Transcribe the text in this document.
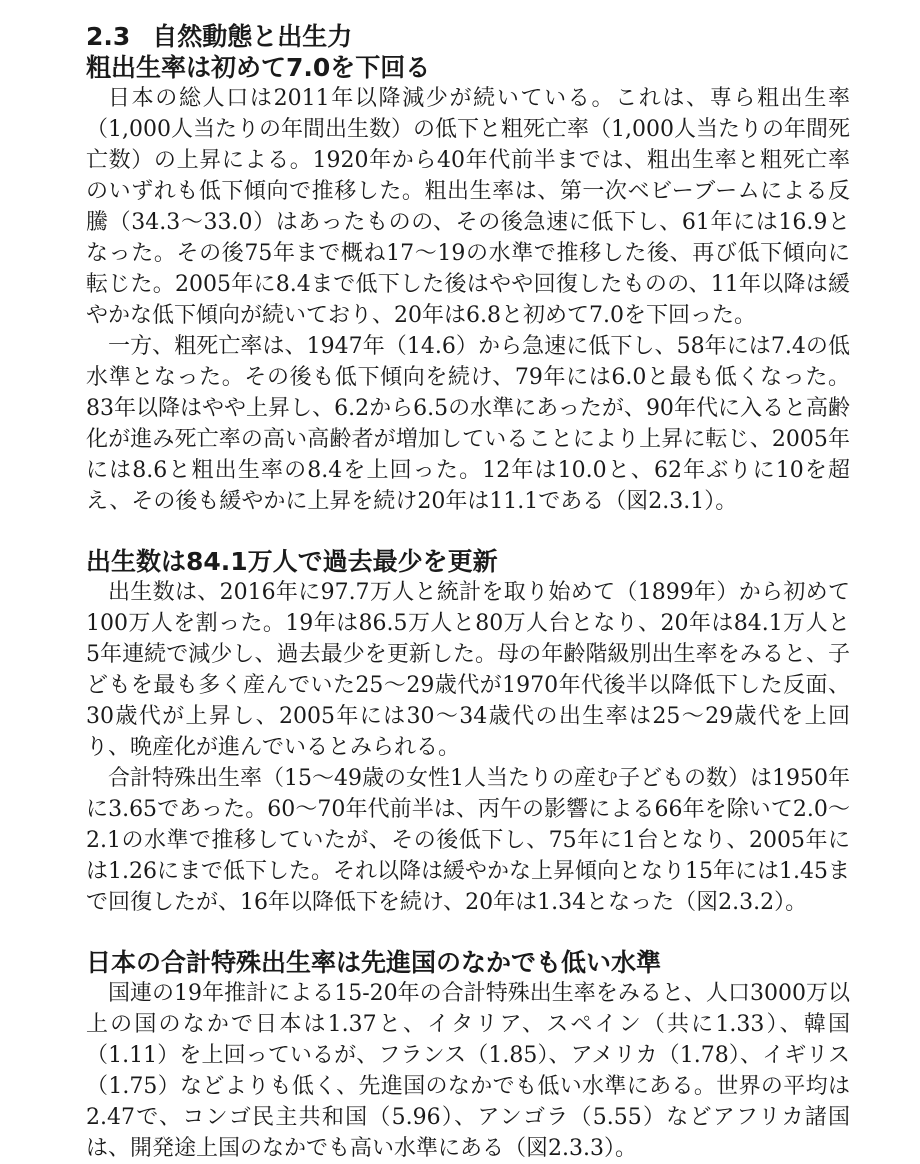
2.3 自然動態と出生力
粗出生率は初めて7.0を下回る

日本の総人口は2011年以降減少が続いている。これは、専ら粗出生率（1,000人当たりの年間出生数）の低下と粗死亡率（1,000人当たりの年間死亡数）の上昇による。1920年から40年代前半までは、粗出生率と粗死亡率のいずれも低下傾向で推移した。粗出生率は、第一次ベビーブームによる反騰（34.3～33.0）はあったものの、その後急速に低下し、61年には16.9となった。その後75年まで概ね17～19の水準で推移した後、再び低下傾向に転じた。2005年に8.4まで低下した後はやや回復したものの、11年以降は緩やかな低下傾向が続いており、20年は6.8と初めて7.0を下回った。

一方、粗死亡率は、1947年（14.6）から急速に低下し、58年には7.4の低水準となった。その後も低下傾向を続け、79年には6.0と最も低くなった。83年以降はやや上昇し、6.2から6.5の水準にあったが、90年代に入ると高齢化が進み死亡率の高い高齢者が増加していることにより上昇に転じ、2005年には8.6と粗出生率の8.4を上回った。12年は10.0と、62年ぶりに10を超え、その後も緩やかに上昇を続け20年は11.1である（図2.3.1）。

出生数は84.1万人で過去最少を更新

出生数は、2016年に97.7万人と統計を取り始めて（1899年）から初めて100万人を割った。19年は86.5万人と80万人台となり、20年は84.1万人と5年連続で減少し、過去最少を更新した。母の年齢階級別出生率をみると、子どもを最も多く産んでいた25～29歳代が1970年代後半以降低下した反面、30歳代が上昇し、2005年には30～34歳代の出生率は25～29歳代を上回り、晩産化が進んでいるとみられる。

合計特殊出生率（15～49歳の女性1人当たりの産む子どもの数）は1950年に3.65であった。60～70年代前半は、丙午の影響による66年を除いて2.0～2.1の水準で推移していたが、その後低下し、75年に1台となり、2005年には1.26にまで低下した。それ以降は緩やかな上昇傾向となり15年には1.45まで回復したが、16年以降低下を続け、20年は1.34となった（図2.3.2）。

日本の合計特殊出生率は先進国のなかでも低い水準

国連の19年推計による15-20年の合計特殊出生率をみると、人口3000万以上の国のなかで日本は1.37と、イタリア、スペイン（共に1.33）、韓国（1.11）を上回っているが、フランス（1.85）、アメリカ（1.78）、イギリス（1.75）などよりも低く、先進国のなかでも低い水準にある。世界の平均は2.47で、コンゴ民主共和国（5.96）、アンゴラ（5.55）などアフリカ諸国は、開発途上国のなかでも高い水準にある（図2.3.3）。
